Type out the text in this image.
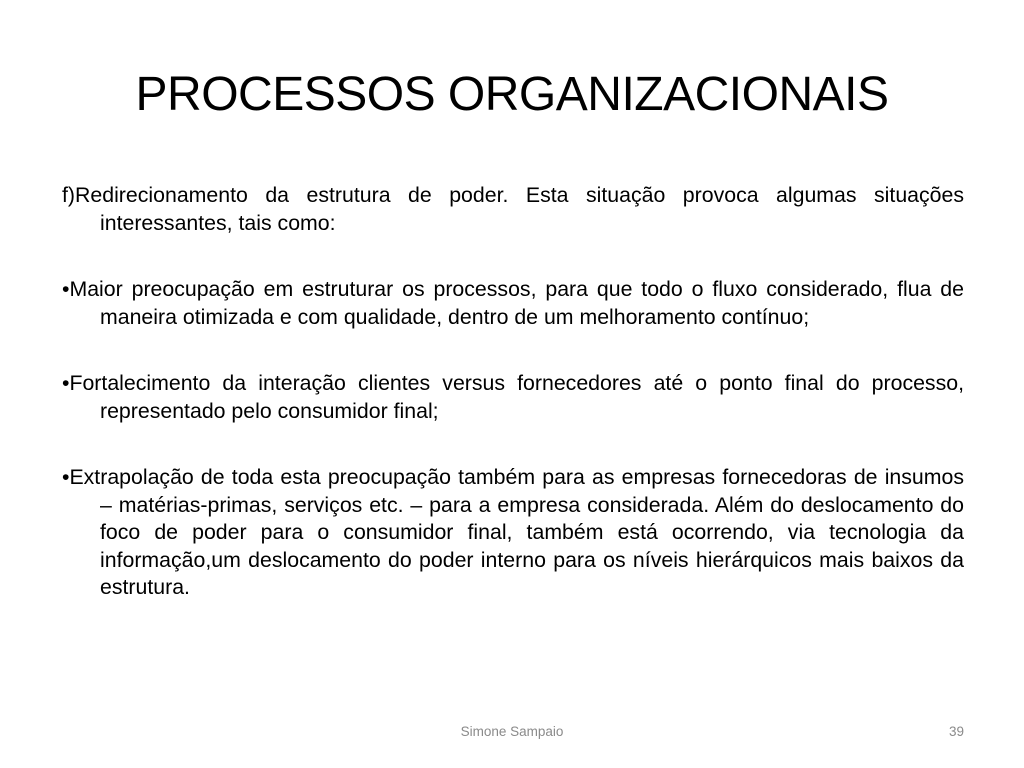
PROCESSOS ORGANIZACIONAIS

f)Redirecionamento da estrutura de poder. Esta situação provoca algumas situações interessantes, tais como:

•Maior preocupação em estruturar os processos, para que todo o fluxo considerado, flua de maneira otimizada e com qualidade, dentro de um melhoramento contínuo;

•Fortalecimento da interação clientes versus fornecedores até o ponto final do processo, representado pelo consumidor final;

•Extrapolação de toda esta preocupação também para as empresas fornecedoras de insumos – matérias-primas, serviços etc. – para a empresa considerada. Além do deslocamento do foco de poder para o consumidor final, também está ocorrendo, via tecnologia da informação,um deslocamento do poder interno para os níveis hierárquicos mais baixos da estrutura.

Simone Sampaio	39
